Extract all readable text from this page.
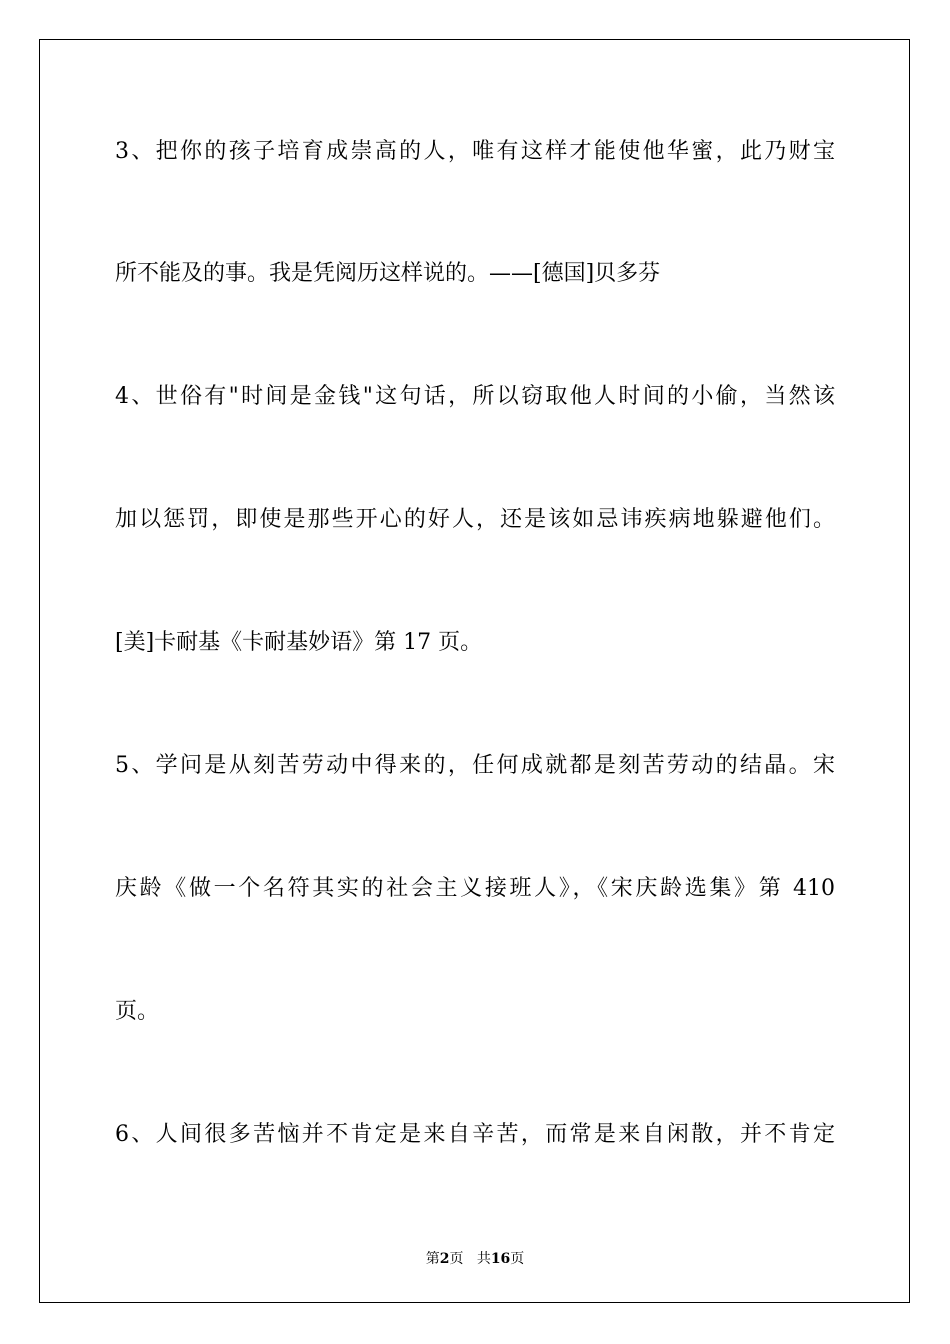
3、把你的孩子培育成崇高的人，唯有这样才能使他华蜜，此乃财宝
所不能及的事。我是凭阅历这样说的。——[德国]贝多芬
4、世俗有"时间是金钱"这句话，所以窃取他人时间的小偷，当然该
加以惩罚，即使是那些开心的好人，还是该如忌讳疾病地躲避他们。
[美]卡耐基《卡耐基妙语》第 17 页。
5、学问是从刻苦劳动中得来的，任何成就都是刻苦劳动的结晶。宋
庆龄《做一个名符其实的社会主义接班人》，《宋庆龄选集》第 410
页。
6、人间很多苦恼并不肯定是来自辛苦，而常是来自闲散，并不肯定
第2页 共16页
